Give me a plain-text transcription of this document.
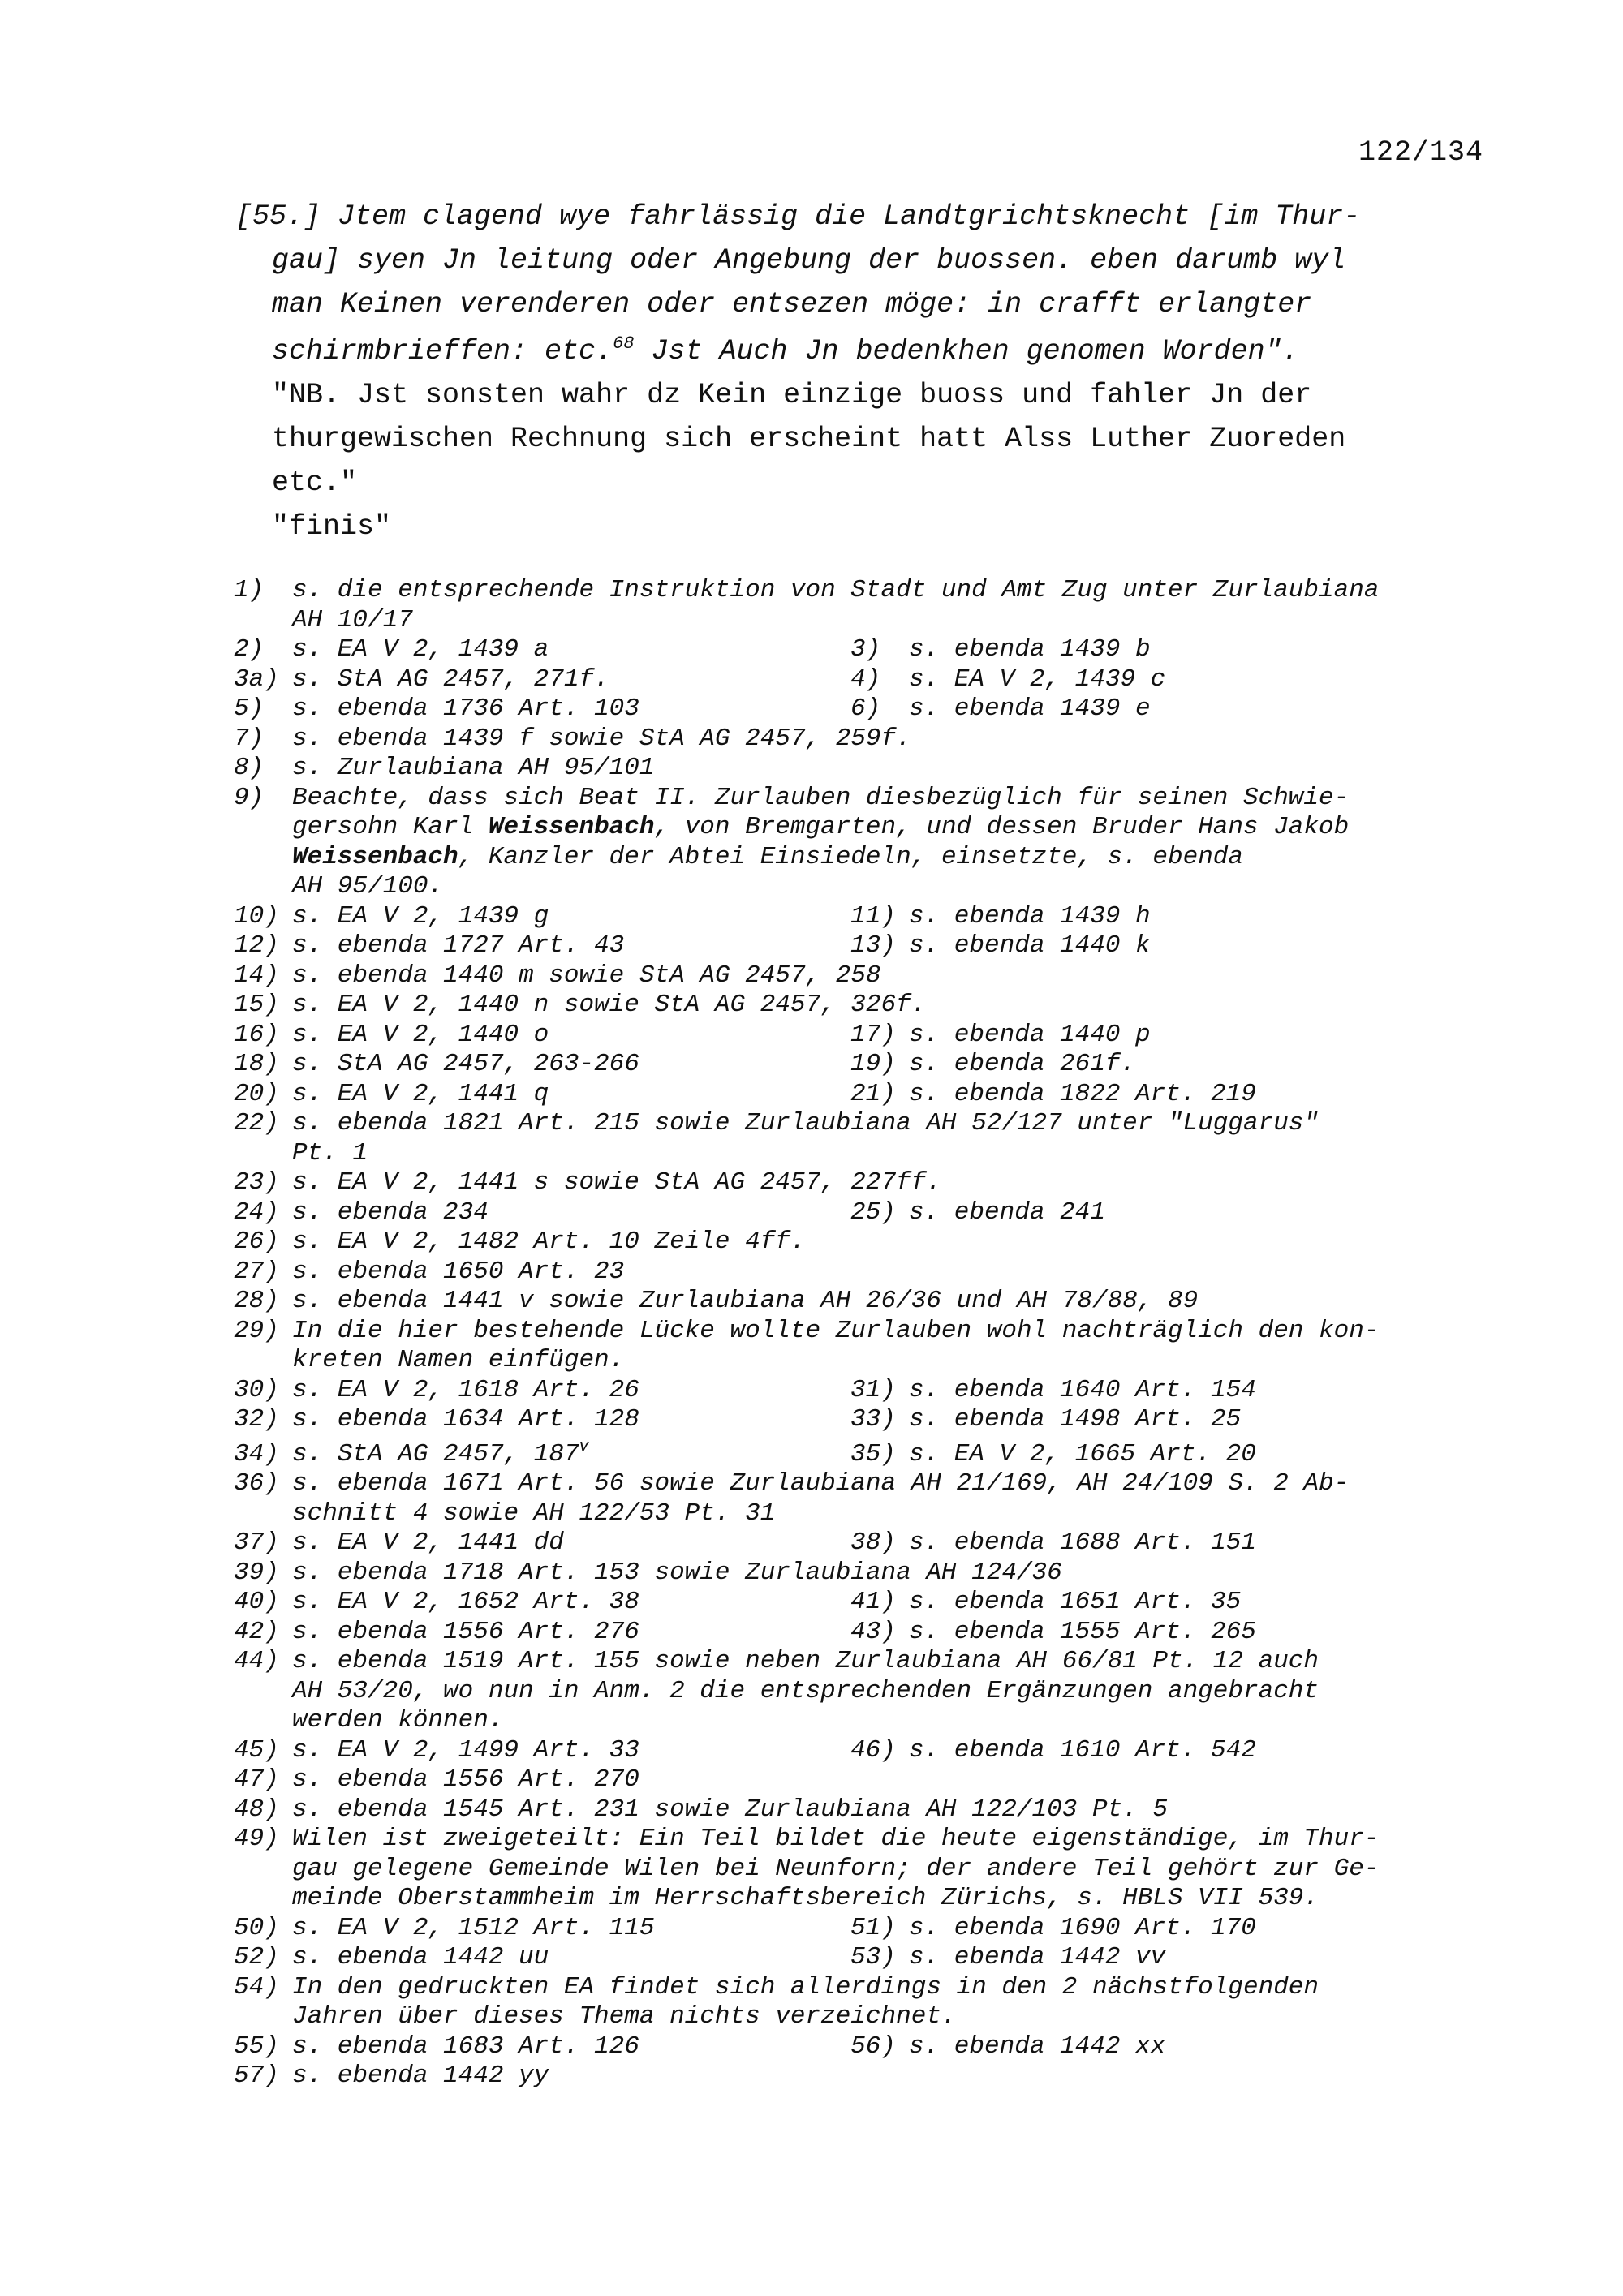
122/134

[55.] Jtem clagend wye fahrlässig die Landtgrichtsknecht [im Thur-

gau] syen Jn leitung oder Angebung der buossen. eben darumb wyl

man Keinen verenderen oder entsezen möge: in crafft erlangter

schirmbrieffen: etc.$^{68}$ Jst Auch Jn bedenkhen genomen Worden".

"NB. Jst sonsten wahr dz Kein einzige buoss und fahler Jn der

thurgewischen Rechnung sich erscheint hatt Alss Luther Zuoreden

etc."

"finis"

1)	s. die entsprechende Instruktion von Stadt und Amt Zug unter Zurlaubiana
AH 10/17
2)	s. EA V 2, 1439 a	3)	s. ebenda 1439 b
3a) s. StA AG 2457, 271f.	4)	s. EA V 2, 1439 c
5)	s. ebenda 1736 Art. 103	6)	s. ebenda 1439 e
7)	s. ebenda 1439 f sowie StA AG 2457, 259f.
8)	s. Zurlaubiana AH 95/101
9)	Beachte, dass sich Beat II. Zurlauben diesbezüglich für seinen Schwie-
gersohn Karl Weissenbach, von Bremgarten, und dessen Bruder Hans Jakob
Weissenbach, Kanzler der Abtei Einsiedeln, einsetzte, s. ebenda
AH 95/100.
10) s. EA V 2, 1439 g	11) s. ebenda 1439 h
12) s. ebenda 1727 Art. 43	13) s. ebenda 1440 k
14) s. ebenda 1440 m sowie StA AG 2457, 258
15) s. EA V 2, 1440 n sowie StA AG 2457, 326f.
16) s. EA V 2, 1440 o	17) s. ebenda 1440 p
18) s. StA AG 2457, 263-266	19) s. ebenda 261f.
20) s. EA V 2, 1441 q	21) s. ebenda 1822 Art. 219
22) s. ebenda 1821 Art. 215 sowie Zurlaubiana AH 52/127 unter "Luggarus"
Pt. 1
23) s. EA V 2, 1441 s sowie StA AG 2457, 227ff.
24) s. ebenda 234	25) s. ebenda 241
26) s. EA V 2, 1482 Art. 10 Zeile 4ff.
27) s. ebenda 1650 Art. 23
28) s. ebenda 1441 v sowie Zurlaubiana AH 26/36 und AH 78/88, 89
29) In die hier bestehende Lücke wollte Zurlauben wohl nachträglich den kon-
kreten Namen einfügen.
30) s. EA V 2, 1618 Art. 26	31) s. ebenda 1640 Art. 154
32) s. ebenda 1634 Art. 128	33) s. ebenda 1498 Art. 25
34) s. StA AG 2457, 187$^v$	35) s. EA V 2, 1665 Art. 20
36) s. ebenda 1671 Art. 56 sowie Zurlaubiana AH 21/169, AH 24/109 S. 2 Ab-
schnitt 4 sowie AH 122/53 Pt. 31
37) s. EA V 2, 1441 dd	38) s. ebenda 1688 Art. 151
39) s. ebenda 1718 Art. 153 sowie Zurlaubiana AH 124/36
40) s. EA V 2, 1652 Art. 38	41) s. ebenda 1651 Art. 35
42) s. ebenda 1556 Art. 276	43) s. ebenda 1555 Art. 265
44) s. ebenda 1519 Art. 155 sowie neben Zurlaubiana AH 66/81 Pt. 12 auch
AH 53/20, wo nun in Anm. 2 die entsprechenden Ergänzungen angebracht
werden können.
45) s. EA V 2, 1499 Art. 33	46) s. ebenda 1610 Art. 542
47) s. ebenda 1556 Art. 270
48) s. ebenda 1545 Art. 231 sowie Zurlaubiana AH 122/103 Pt. 5
49) Wilen ist zweigeteilt: Ein Teil bildet die heute eigenständige, im Thur-
gau gelegene Gemeinde Wilen bei Neunforn; der andere Teil gehört zur Ge-
meinde Oberstammheim im Herrschaftsbereich Zürichs, s. HBLS VII 539.
50) s. EA V 2, 1512 Art. 115	51) s. ebenda 1690 Art. 170
52) s. ebenda 1442 uu	53) s. ebenda 1442 vv
54) In den gedruckten EA findet sich allerdings in den 2 nächstfolgenden
Jahren über dieses Thema nichts verzeichnet.
55) s. ebenda 1683 Art. 126	56) s. ebenda 1442 xx
57) s. ebenda 1442 yy
